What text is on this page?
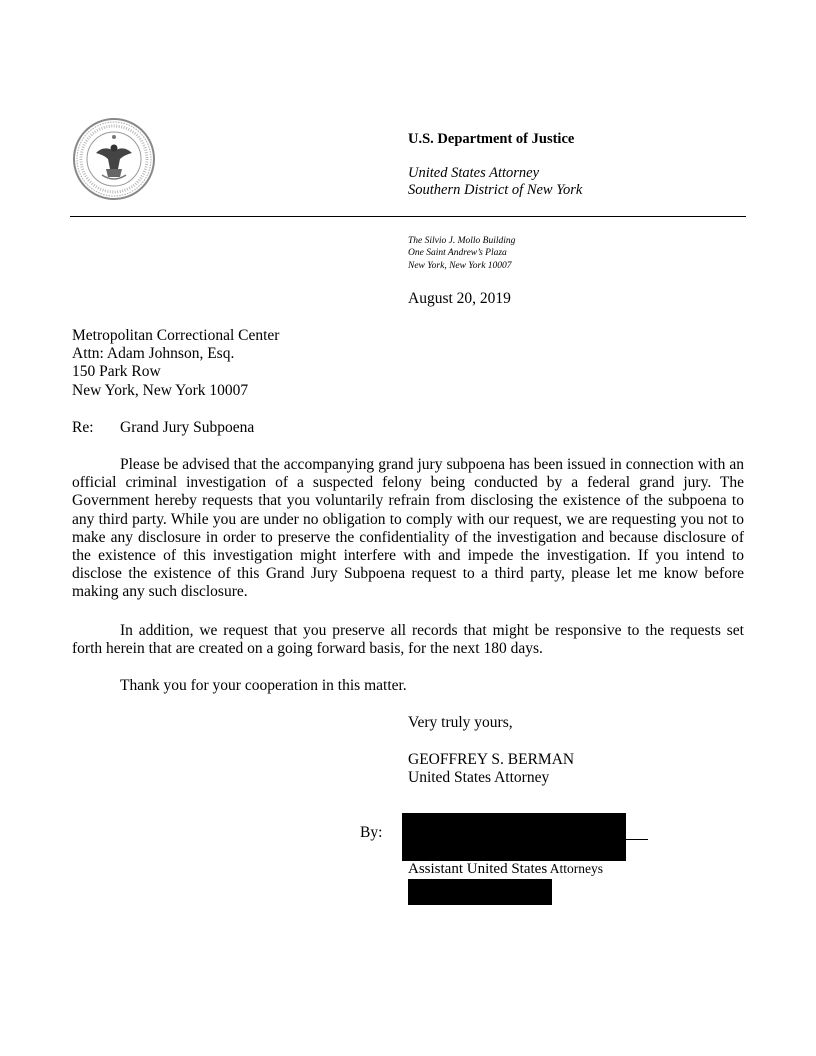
U.S. Department of Justice
United States Attorney
Southern District of New York
The Silvio J. Mollo Building
One Saint Andrew’s Plaza
New York, New York 10007
August 20, 2019
Metropolitan Correctional Center
Attn: Adam Johnson, Esq.
150 Park Row
New York, New York 10007
Re: Grand Jury Subpoena
Please be advised that the accompanying grand jury subpoena has been issued in connection with an official criminal investigation of a suspected felony being conducted by a federal grand jury. The Government hereby requests that you voluntarily refrain from disclosing the existence of the subpoena to any third party. While you are under no obligation to comply with our request, we are requesting you not to make any disclosure in order to preserve the confidentiality of the investigation and because disclosure of the existence of this investigation might interfere with and impede the investigation. If you intend to disclose the existence of this Grand Jury Subpoena request to a third party, please let me know before making any such disclosure.
In addition, we request that you preserve all records that might be responsive to the requests set forth herein that are created on a going forward basis, for the next 180 days.
Thank you for your cooperation in this matter.
Very truly yours,
GEOFFREY S. BERMAN
United States Attorney
By:
Assistant United States Attorneys
